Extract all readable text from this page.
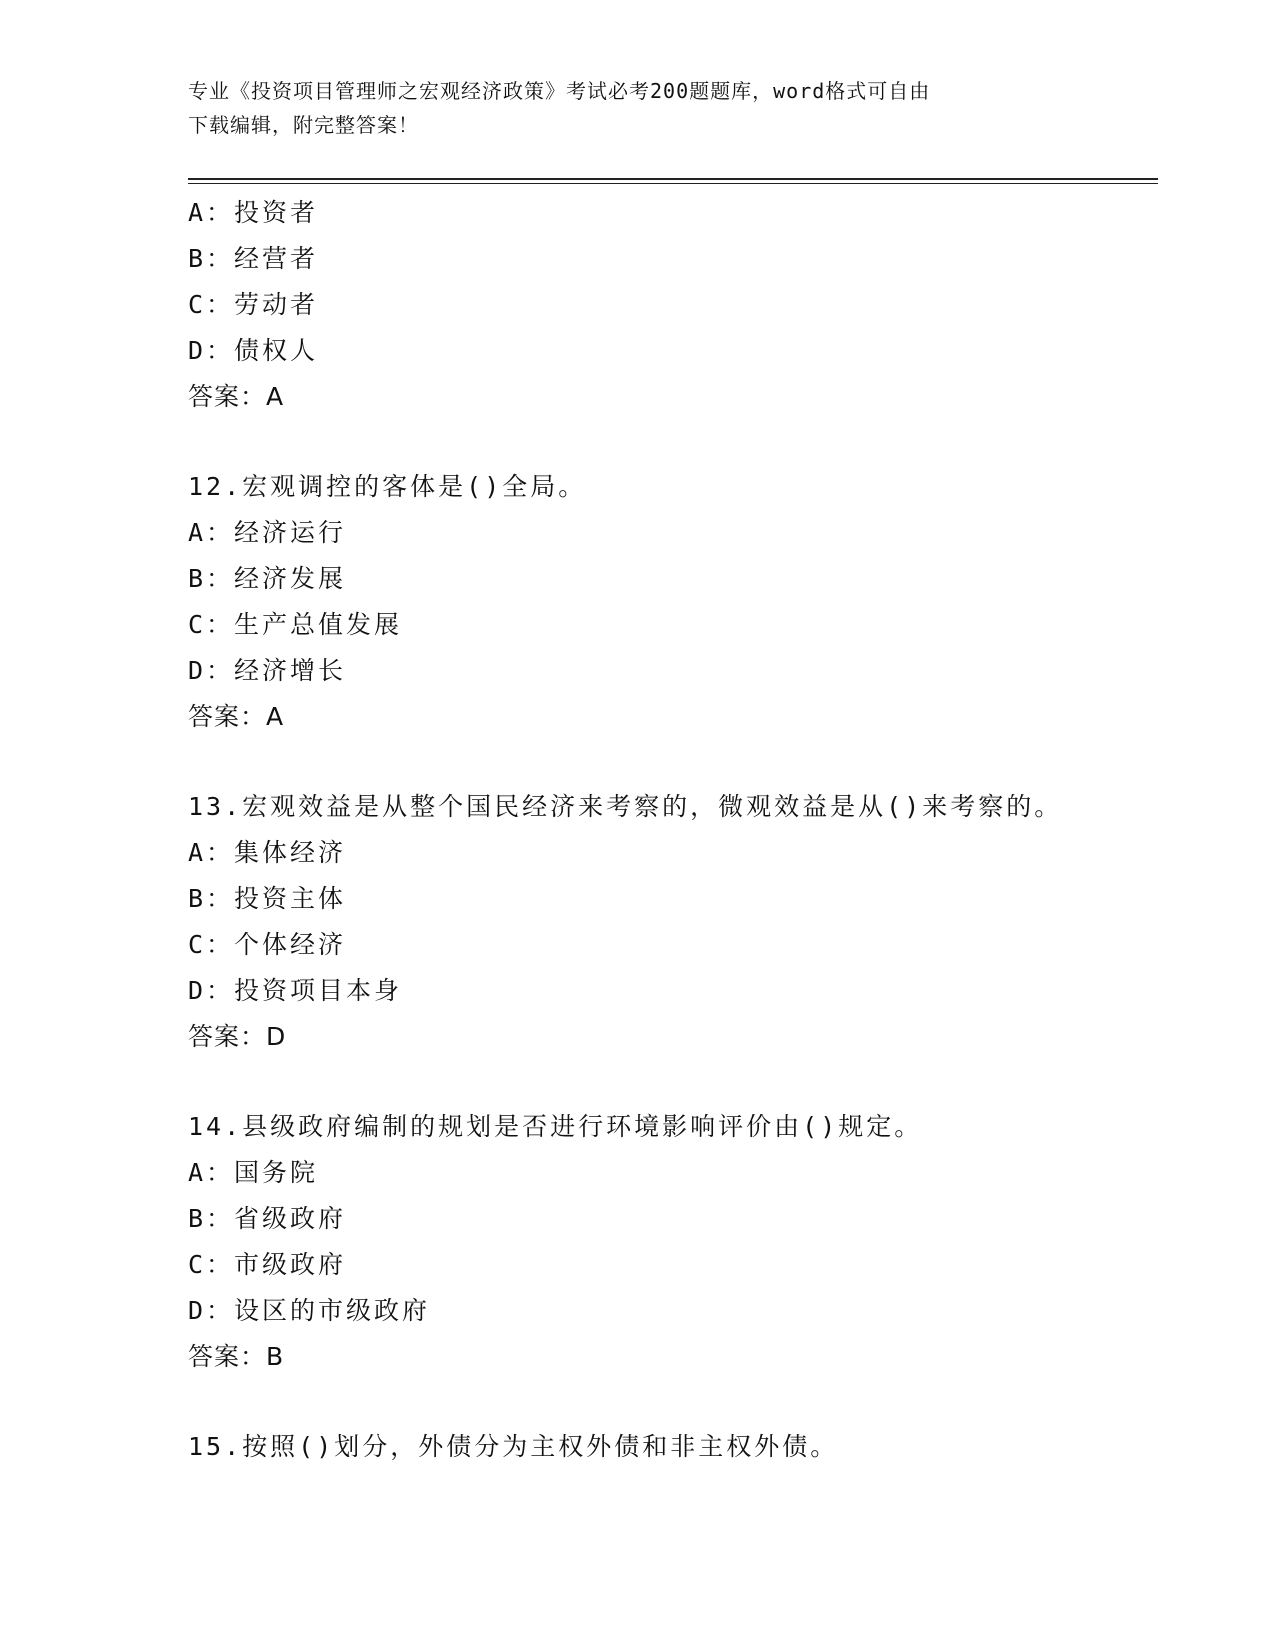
专业《投资项目管理师之宏观经济政策》考试必考200题题库，word格式可自由
下载编辑，附完整答案！
A：投资者
B：经营者
C：劳动者
D：债权人
答案：A
12.宏观调控的客体是()全局。
A：经济运行
B：经济发展
C：生产总值发展
D：经济增长
答案：A
13.宏观效益是从整个国民经济来考察的，微观效益是从()来考察的。
A：集体经济
B：投资主体
C：个体经济
D：投资项目本身
答案：D
14.县级政府编制的规划是否进行环境影响评价由()规定。
A：国务院
B：省级政府
C：市级政府
D：设区的市级政府
答案：B
15.按照()划分，外债分为主权外债和非主权外债。
